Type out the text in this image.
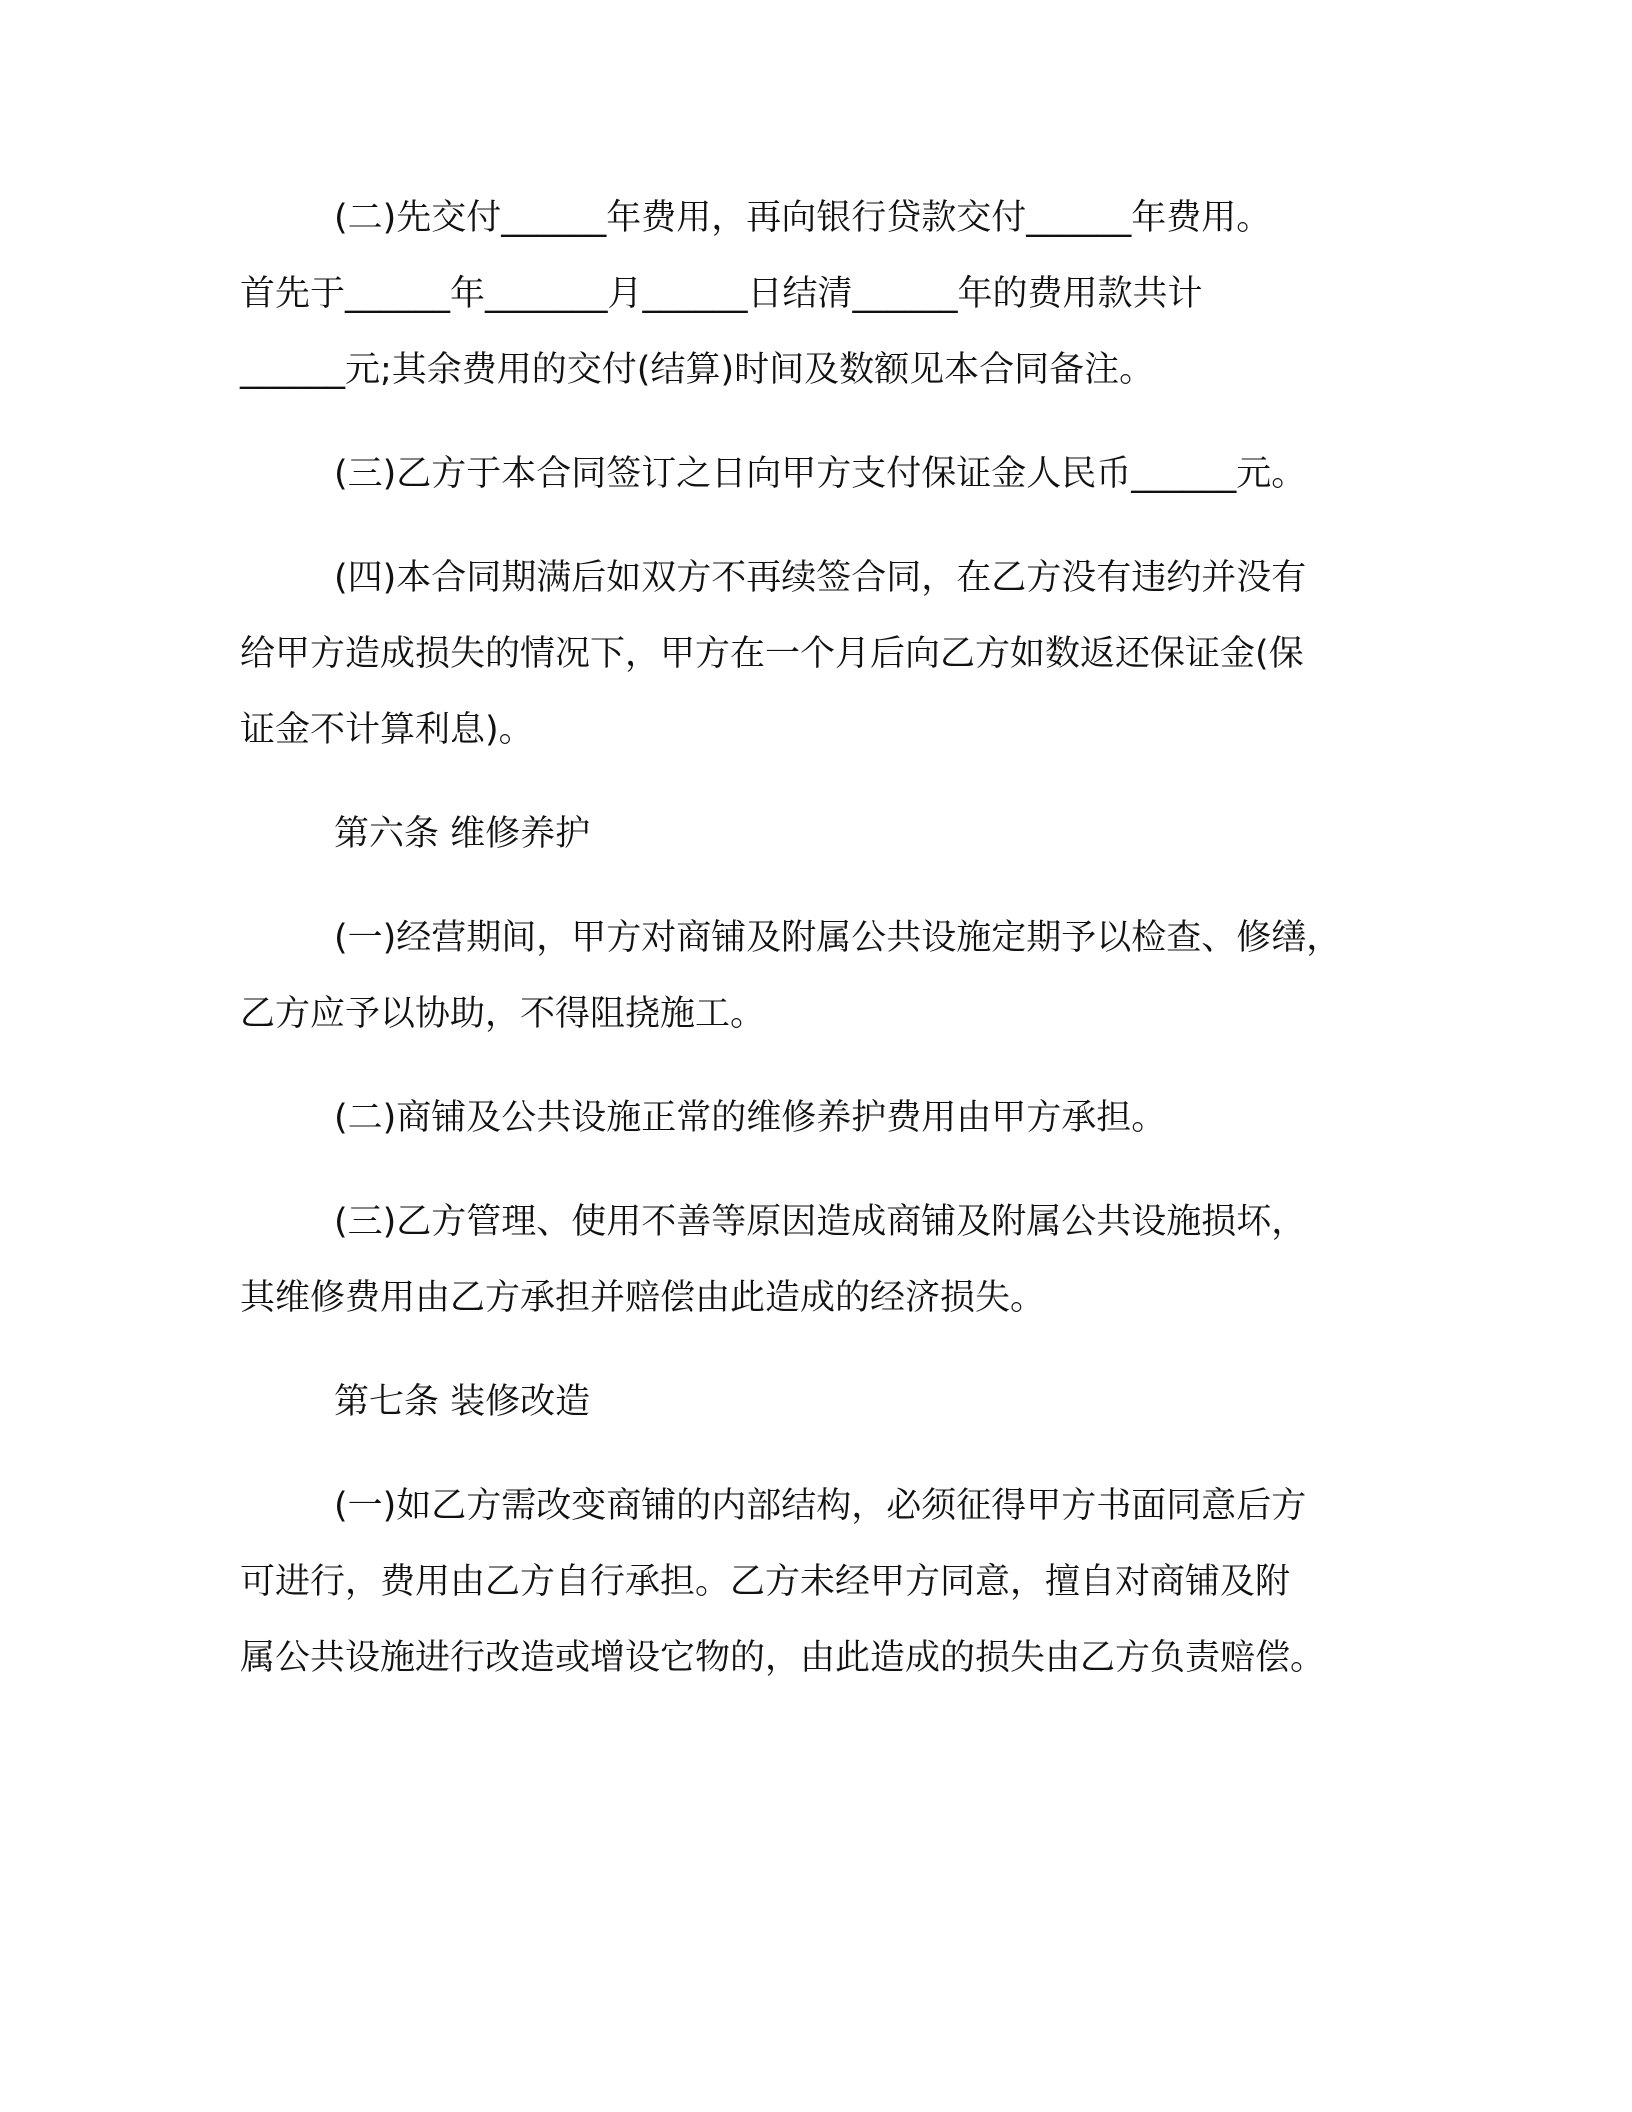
(二)先交付______年费用，再向银行贷款交付______年费用。
首先于______年_______月______日结清______年的费用款共计
______元;其余费用的交付(结算)时间及数额见本合同备注。
(三)乙方于本合同签订之日向甲方支付保证金人民币______元。
(四)本合同期满后如双方不再续签合同，在乙方没有违约并没有
给甲方造成损失的情况下，甲方在一个月后向乙方如数返还保证金(保
证金不计算利息)。
第六条 维修养护
(一)经营期间，甲方对商铺及附属公共设施定期予以检查、修缮，
乙方应予以协助，不得阻挠施工。
(二)商铺及公共设施正常的维修养护费用由甲方承担。
(三)乙方管理、使用不善等原因造成商铺及附属公共设施损坏，
其维修费用由乙方承担并赔偿由此造成的经济损失。
第七条 装修改造
(一)如乙方需改变商铺的内部结构，必须征得甲方书面同意后方
可进行，费用由乙方自行承担。乙方未经甲方同意，擅自对商铺及附
属公共设施进行改造或增设它物的，由此造成的损失由乙方负责赔偿。
